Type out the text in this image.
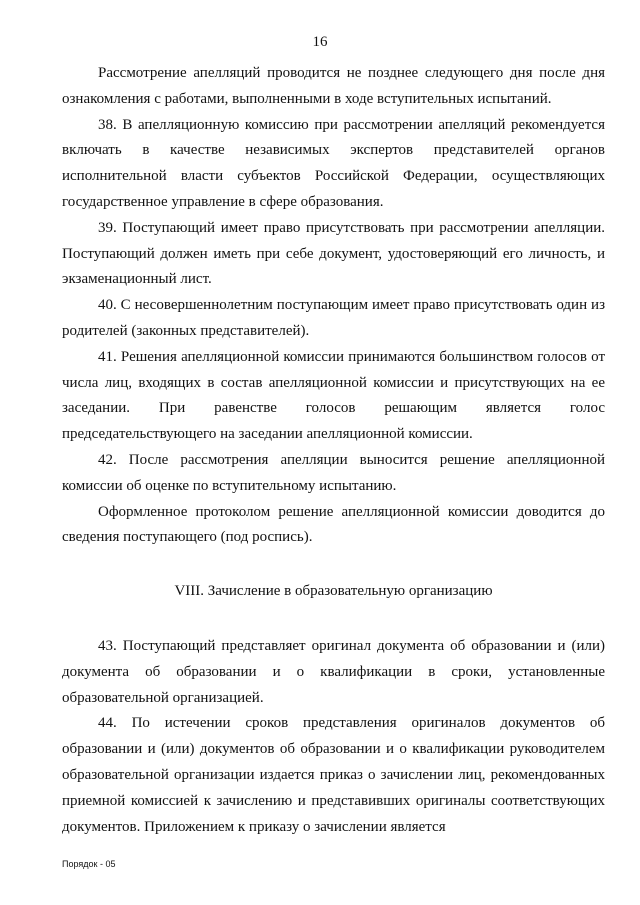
16

Рассмотрение апелляций проводится не позднее следующего дня после дня ознакомления с работами, выполненными в ходе вступительных испытаний.

38. В апелляционную комиссию при рассмотрении апелляций рекомендуется включать в качестве независимых экспертов представителей органов исполнительной власти субъектов Российской Федерации, осуществляющих государственное управление в сфере образования.

39. Поступающий имеет право присутствовать при рассмотрении апелляции. Поступающий должен иметь при себе документ, удостоверяющий его личность, и экзаменационный лист.

40. С несовершеннолетним поступающим имеет право присутствовать один из родителей (законных представителей).

41. Решения апелляционной комиссии принимаются большинством голосов от числа лиц, входящих в состав апелляционной комиссии и присутствующих на ее заседании. При равенстве голосов решающим является голос председательствующего на заседании апелляционной комиссии.

42. После рассмотрения апелляции выносится решение апелляционной комиссии об оценке по вступительному испытанию.

Оформленное протоколом решение апелляционной комиссии доводится до сведения поступающего (под роспись).

VIII. Зачисление в образовательную организацию

43. Поступающий представляет оригинал документа об образовании и (или) документа об образовании и о квалификации в сроки, установленные образовательной организацией.

44. По истечении сроков представления оригиналов документов об образовании и (или) документов об образовании и о квалификации руководителем образовательной организации издается приказ о зачислении лиц, рекомендованных приемной комиссией к зачислению и представивших оригиналы соответствующих документов. Приложением к приказу о зачислении является

Порядок - 05
